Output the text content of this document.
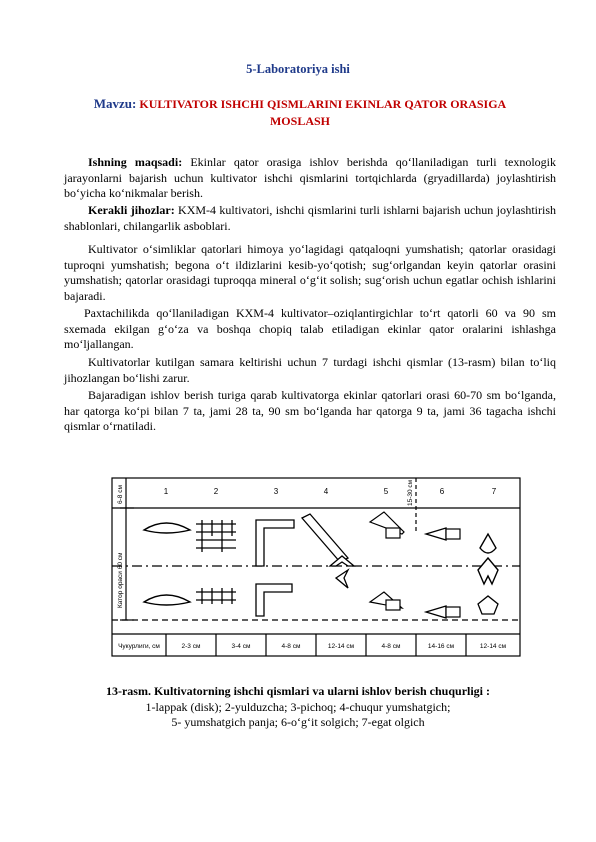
5-Laboratoriya ishi
Mavzu: KULTIVATOR ISHCHI QISMLARINI EKINLAR QATOR ORASIGA MOSLASH

Ishning maqsadi: Ekinlar qator orasiga ishlov berishda qo‘llaniladigan turli texnologik jarayonlarni bajarish uchun kultivator ishchi qismlarini tortqichlarda (gryadillarda) joylashtirish bo‘yicha ko‘nikmalar berish.

Kerakli jihozlar: KXM-4 kultivatori, ishchi qismlarini turli ishlarni bajarish uchun joylashtirish shablonlari, chilangarlik asboblari.

Kultivator o‘simliklar qatorlari himoya yo‘lagidagi qatqaloqni yumshatish; qatorlar orasidagi tuproqni yumshatish; begona o‘t ildizlarini kesib-yo‘qotish; sug‘orlgandan keyin qatorlar orasini yumshatish; qatorlar orasidagi tuproqqa mineral o‘g‘it solish; sug‘orish uchun egatlar ochish ishlarini bajaradi.

Paxtachilikda qo‘llaniladigan KXM-4 kultivator–oziqlantirgichlar to‘rt qatorli 60 va 90 sm sxemada ekilgan g‘o‘za va boshqa chopiq talab etiladigan ekinlar qator oralarini ishlashga mo‘ljallangan.

Kultivatorlar kutilgan samara keltirishi uchun 7 turdagi ishchi qismlar (13-rasm) bilan to‘liq jihozlangan bo‘lishi zarur.

Bajaradigan ishlov berish turiga qarab kultivatorga ekinlar qatorlari orasi 60-70 sm bo‘lganda, har qatorga ko‘pi bilan 7 ta, jami 28 ta, 90 sm bo‘lganda har qatorga 9 ta, jami 36 tagacha ishchi qismlar o‘rnatiladi.

1	2	3	4	5	6	7
6-8 см
Катор ораси 60 см
15-30 см
Чукурлиги, см	2-3 см	3-4 см	4-8 см	12-14 см	4-8 см	14-16 см	12-14 см
13-rasm. Kultivatorning ishchi qismlari va ularni ishlov berish chuqurligi :
1-lappak (disk); 2-yulduzcha; 3-pichoq; 4-chuqur yumshatgich;
5- yumshatgich panja; 6-o‘g‘it solgich; 7-egat olgich
